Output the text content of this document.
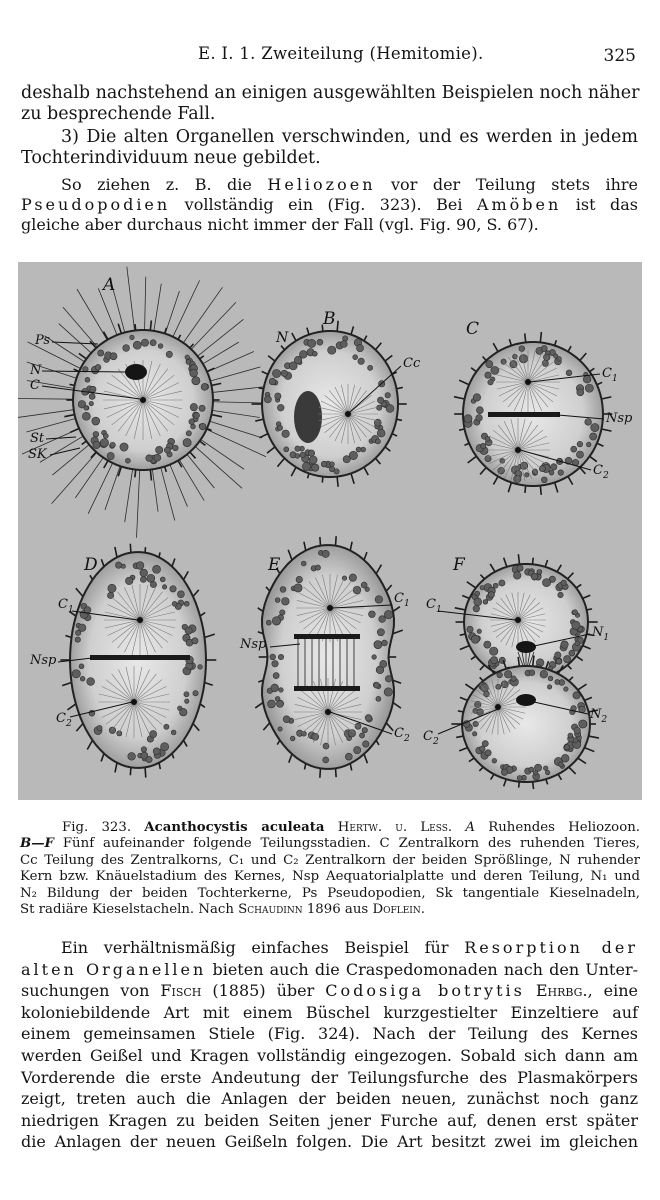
E. I. 1. Zweiteilung (Hemitomie).	325
deshalb nachstehend an einigen ausgewählten Beispielen noch näher
zu besprechende Fall.
3) Die alten Organellen verschwinden, und es werden in jedem
Tochterindividuum neue gebildet.
So ziehen z. B. die Heliozoen vor der Teilung stets ihre
Pseudopodien vollständig ein (Fig. 323). Bei Amöben ist das
gleiche aber durchaus nicht immer der Fall (vgl. Fig. 90, S. 67).
A
Ps
N
C
St
SK
B
N
Cc
C
$C_1$
Nsp
$C_2$
D
$C_1$
Nsp
$C_2$
E
$C_1$
Nsp
$C_2$
F
$C_1$
$N_1$
$N_2$
$C_2$
Fig. 323. Acanthocystis aculeata Hertw. u. Less. A Ruhendes Heliozoon.
B—F Fünf aufeinander folgende Teilungsstadien. C Zentralkorn des ruhenden Tieres,
Cc Teilung des Zentralkorns, C₁ und C₂ Zentralkorn der beiden Sprößlinge, N ruhender
Kern bzw. Knäuelstadium des Kernes, Nsp Aequatorialplatte und deren Teilung, N₁ und
N₂ Bildung der beiden Tochterkerne, Ps Pseudopodien, Sk tangentiale Kieselnadeln,
St radiäre Kieselstacheln. Nach Schaudinn 1896 aus Doflein.
Ein verhältnismäßig einfaches Beispiel für Resorption der
alten Organellen bieten auch die Craspedomonaden nach den Unter-
suchungen von Fisch (1885) über Codosiga botrytis Ehrbg., eine
koloniebildende Art mit einem Büschel kurzgestielter Einzeltiere auf
einem gemeinsamen Stiele (Fig. 324). Nach der Teilung des Kernes
werden Geißel und Kragen vollständig eingezogen. Sobald sich dann am
Vorderende die erste Andeutung der Teilungsfurche des Plasmakörpers
zeigt, treten auch die Anlagen der beiden neuen, zunächst noch ganz
niedrigen Kragen zu beiden Seiten jener Furche auf, denen erst später
die Anlagen der neuen Geißeln folgen. Die Art besitzt zwei im gleichen
